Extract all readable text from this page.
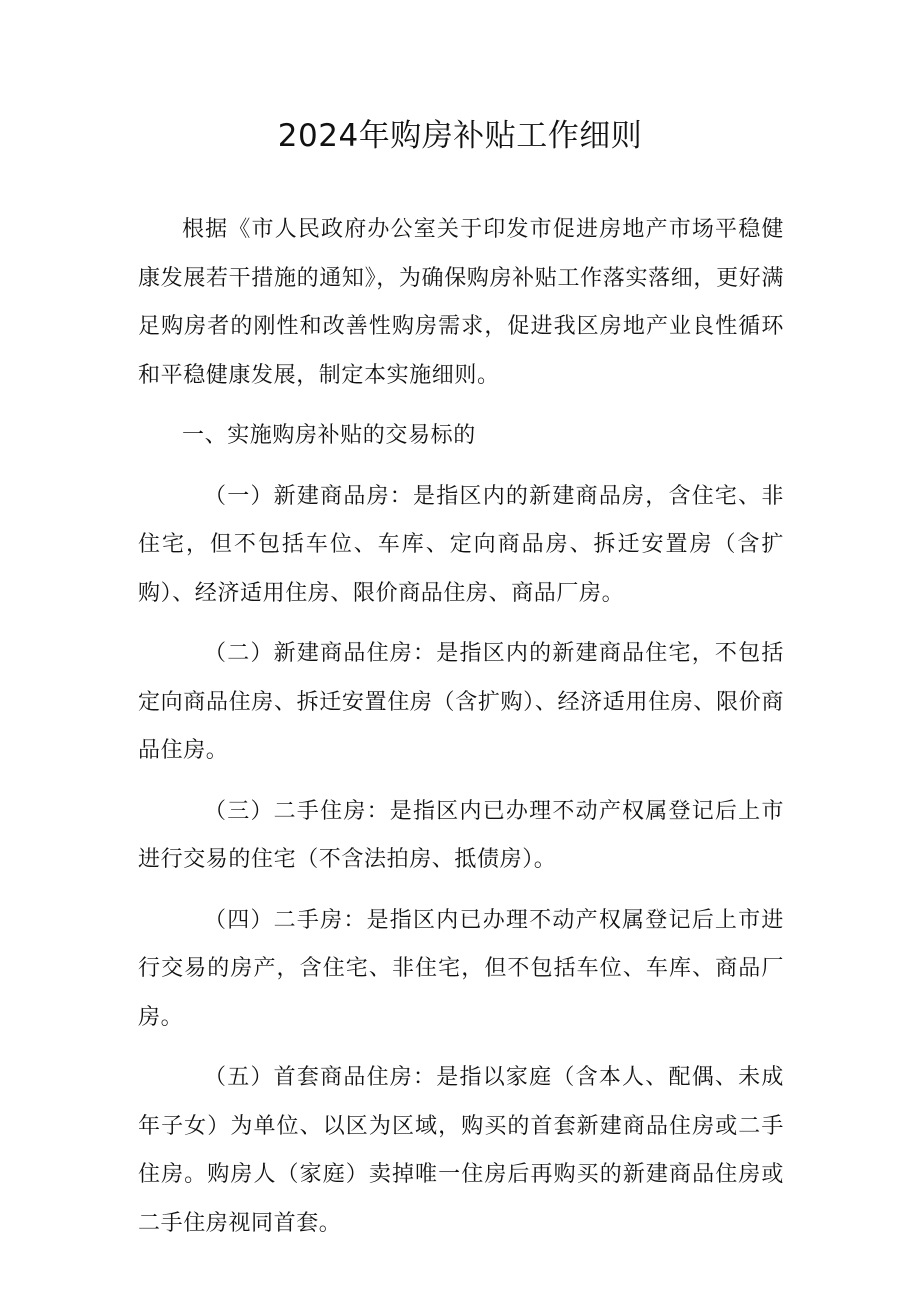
2024年购房补贴工作细则

根据《市人民政府办公室关于印发市促进房地产市场平稳健康发展若干措施的通知》，为确保购房补贴工作落实落细，更好满足购房者的刚性和改善性购房需求，促进我区房地产业良性循环和平稳健康发展，制定本实施细则。

一、实施购房补贴的交易标的

（一）新建商品房：是指区内的新建商品房，含住宅、非住宅，但不包括车位、车库、定向商品房、拆迁安置房（含扩购）、经济适用住房、限价商品住房、商品厂房。

（二）新建商品住房：是指区内的新建商品住宅，不包括定向商品住房、拆迁安置住房（含扩购）、经济适用住房、限价商品住房。

（三）二手住房：是指区内已办理不动产权属登记后上市进行交易的住宅（不含法拍房、抵债房）。

（四）二手房：是指区内已办理不动产权属登记后上市进行交易的房产，含住宅、非住宅，但不包括车位、车库、商品厂房。

（五）首套商品住房：是指以家庭（含本人、配偶、未成年子女）为单位、以区为区域，购买的首套新建商品住房或二手住房。购房人（家庭）卖掉唯一住房后再购买的新建商品住房或二手住房视同首套。
